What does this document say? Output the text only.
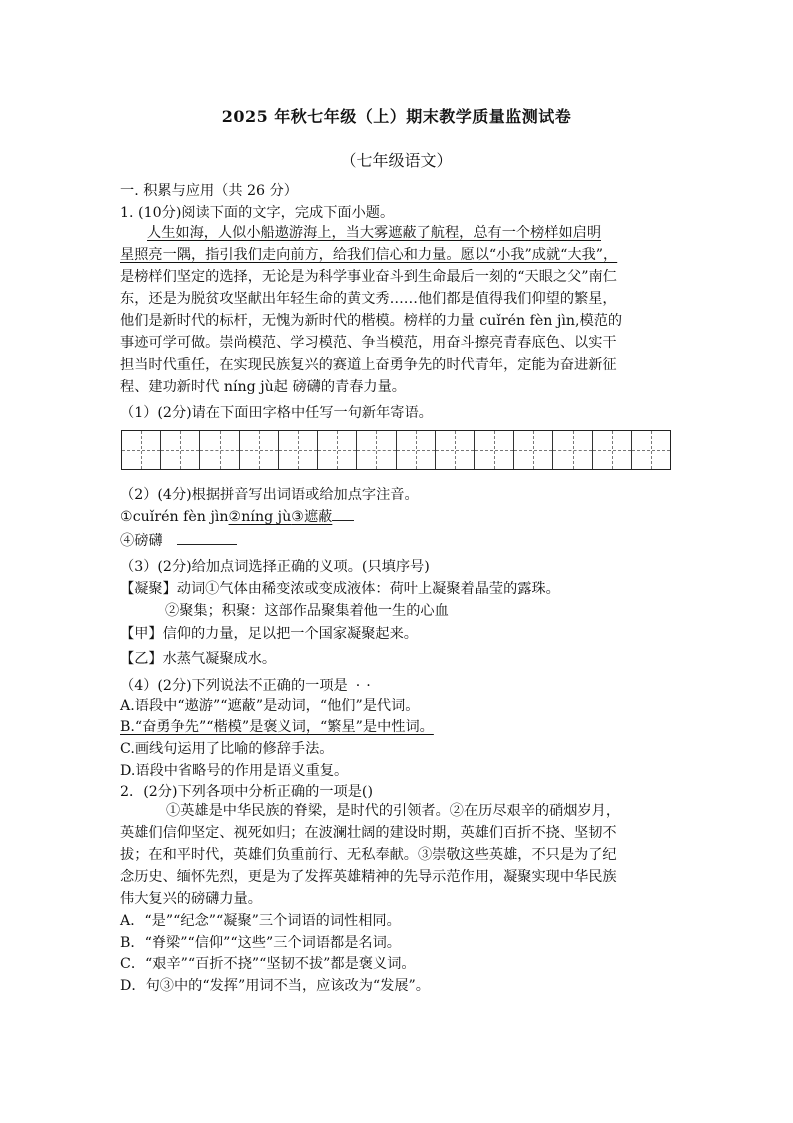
2025 年秋七年级（上）期末教学质量监测试卷
（七年级语文）
一. 积累与应用（共 26 分）
1. (10分)阅读下面的文字，完成下面小题。
人生如海，人似小船遨游海上，当大雾遮蔽了航程，总有一个榜样如启明
星照亮一隅，指引我们走向前方，给我们信心和力量。愿以“小我”成就“大我”，
是榜样们坚定的选择，无论是为科学事业奋斗到生命最后一刻的“天眼之父”南仁
东，还是为脱贫攻坚献出年轻生命的黄文秀……他们都是值得我们仰望的繁星，
他们是新时代的标杆，无愧为新时代的楷模。榜样的力量 cuǐrén fèn jìn,模范的
事迹可学可做。崇尚模范、学习模范、争当模范，用奋斗擦亮青春底色、以实干
担当时代重任，在实现民族复兴的赛道上奋勇争先的时代青年，定能为奋进新征
程、建功新时代 níng jù起 磅礴的青春力量。
（1）(2分)请在下面田字格中任写一句新年寄语。
（2）(4分)根据拼音写出词语或给加点字注音。
①cuǐrén fèn jìn②níng jù③遮蔽
④磅礴
（3）(2分)给加点词选择正确的义项。(只填序号)
【凝聚】动词①气体由稀变浓或变成液体：荷叶上凝聚着晶莹的露珠。
②聚集；积聚：这部作品聚集着他一生的心血
【甲】信仰的力量，足以把一个国家凝聚起来。
【乙】水蒸气凝聚成水。
（4）(2分)下列说法不正确的一项是 ··
A.语段中“遨游”“遮蔽”是动词，“他们”是代词。
B.“奋勇争先”“楷模”是褒义词，“繁星”是中性词。
C.画线句运用了比喻的修辞手法。
D.语段中省略号的作用是语义重复。
2．(2分)下列各项中分析正确的一项是()
①英雄是中华民族的脊梁，是时代的引领者。②在历尽艰辛的硝烟岁月，
英雄们信仰坚定、视死如归；在波澜壮阔的建设时期，英雄们百折不挠、坚韧不
拔；在和平时代，英雄们负重前行、无私奉献。③崇敬这些英雄，不只是为了纪
念历史、缅怀先烈，更是为了发挥英雄精神的先导示范作用，凝聚实现中华民族
伟大复兴的磅礴力量。
A．“是”“纪念”“凝聚”三个词语的词性相同。
B．“脊梁”“信仰”“这些”三个词语都是名词。
C．“艰辛”“百折不挠”“坚韧不拔”都是褒义词。
D．句③中的“发挥”用词不当，应该改为“发展”。
